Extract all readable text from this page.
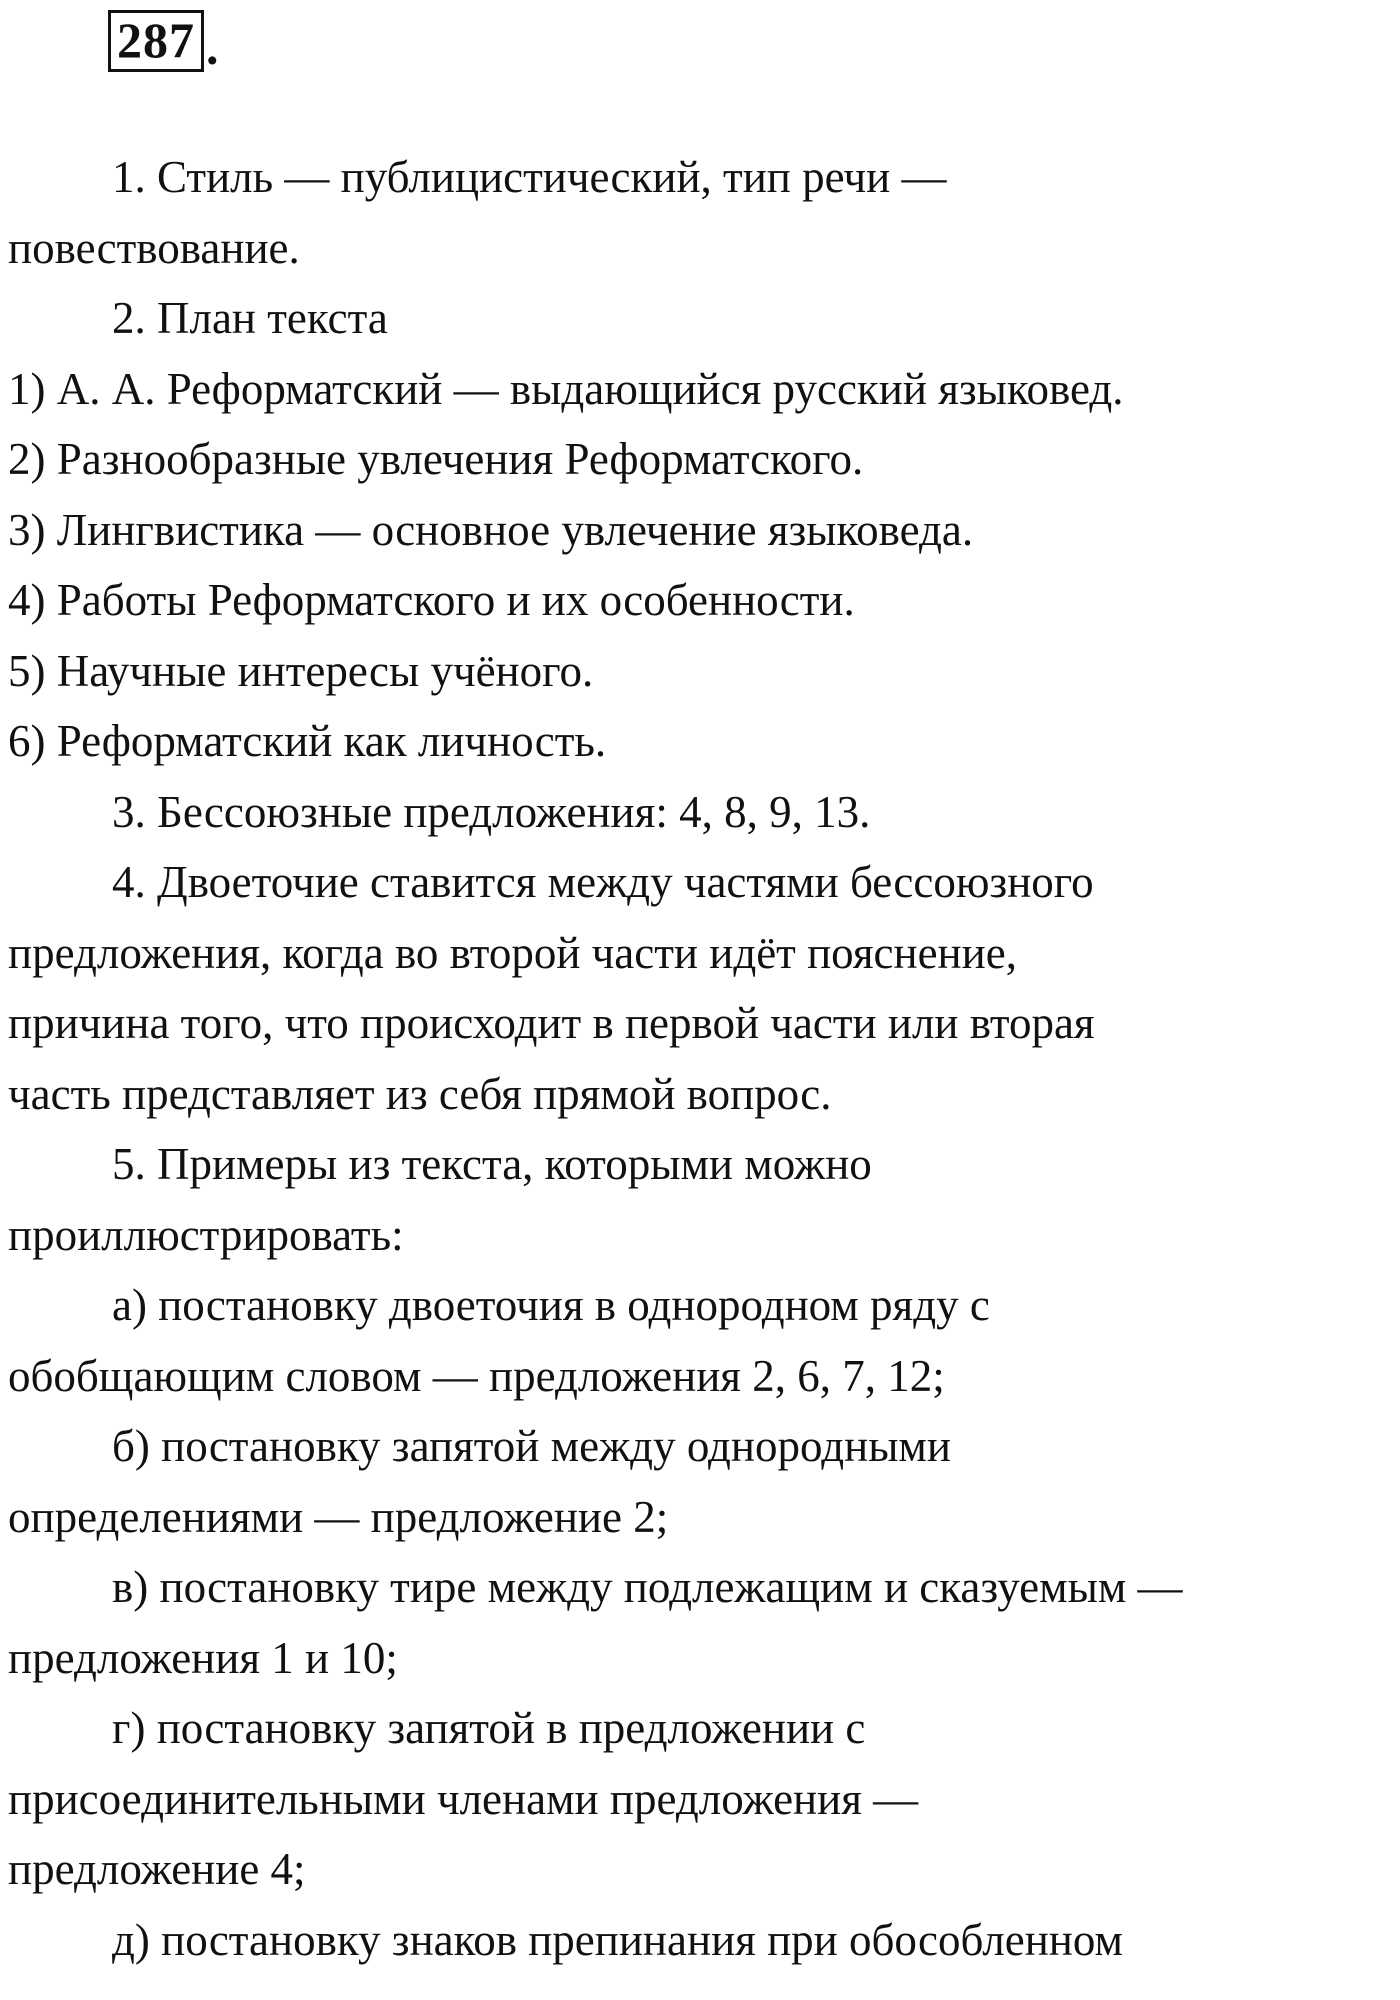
287 .
1. Стиль — публицистический, тип речи —
повествование.
2. План текста
1) А. А. Реформатский — выдающийся русский языковед.
2) Разнообразные увлечения Реформатского.
3) Лингвистика — основное увлечение языковеда.
4) Работы Реформатского и их особенности.
5) Научные интересы учёного.
6) Реформатский как личность.
3. Бессоюзные предложения: 4, 8, 9, 13.
4. Двоеточие ставится между частями бессоюзного
предложения, когда во второй части идёт пояснение,
причина того, что происходит в первой части или вторая
часть представляет из себя прямой вопрос.
5. Примеры из текста, которыми можно
проиллюстрировать:
а) постановку двоеточия в однородном ряду с
обобщающим словом — предложения 2, 6, 7, 12;
б) постановку запятой между однородными
определениями — предложение 2;
в) постановку тире между подлежащим и сказуемым —
предложения 1 и 10;
г) постановку запятой в предложении с
присоединительными членами предложения —
предложение 4;
д) постановку знаков препинания при обособленном
